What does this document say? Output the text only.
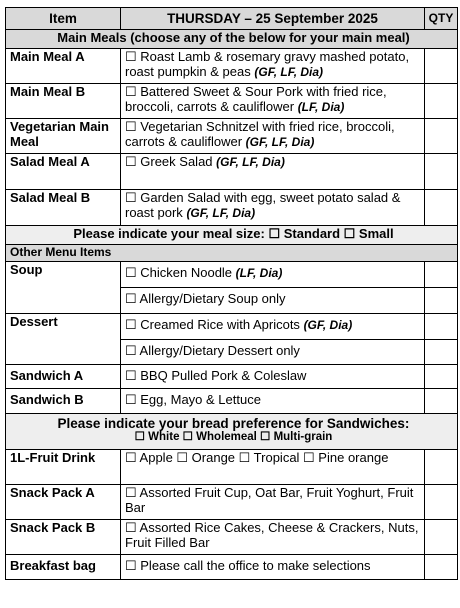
Item	THURSDAY – 25 September 2025	QTY
Main Meals (choose any of the below for your main meal)		
Main Meal A	☐ Roast Lamb & rosemary gravy mashed potato, roast pumpkin & peas (GF, LF, Dia)	
Main Meal B	☐ Battered Sweet & Sour Pork with fried rice, broccoli, carrots & cauliflower (LF, Dia)	
Vegetarian Main Meal	☐ Vegetarian Schnitzel with fried rice, broccoli, carrots & cauliflower (GF, LF, Dia)	
Salad Meal A	☐ Greek Salad (GF, LF, Dia)	
Salad Meal B	☐ Garden Salad with egg, sweet potato salad & roast pork (GF, LF, Dia)	
Please indicate your meal size: ☐ Standard ☐ Small		
Other Menu Items		
Soup	☐ Chicken Noodle (LF, Dia)	
	☐ Allergy/Dietary Soup only	
Dessert	☐ Creamed Rice with Apricots (GF, Dia)	
	☐ Allergy/Dietary Dessert only	
Sandwich A	☐ BBQ Pulled Pork & Coleslaw	
Sandwich B	☐ Egg, Mayo & Lettuce	

Please indicate your bread preference for Sandwiches:
☐ White ☐ Wholemeal ☐ Multi-grain		

1L-Fruit Drink	☐ Apple ☐ Orange ☐ Tropical ☐ Pine orange	
Snack Pack A	☐ Assorted Fruit Cup, Oat Bar, Fruit Yoghurt, Fruit Bar	
Snack Pack B	☐ Assorted Rice Cakes, Cheese & Crackers, Nuts, Fruit Filled Bar	
Breakfast bag	☐ Please call the office to make selections	
